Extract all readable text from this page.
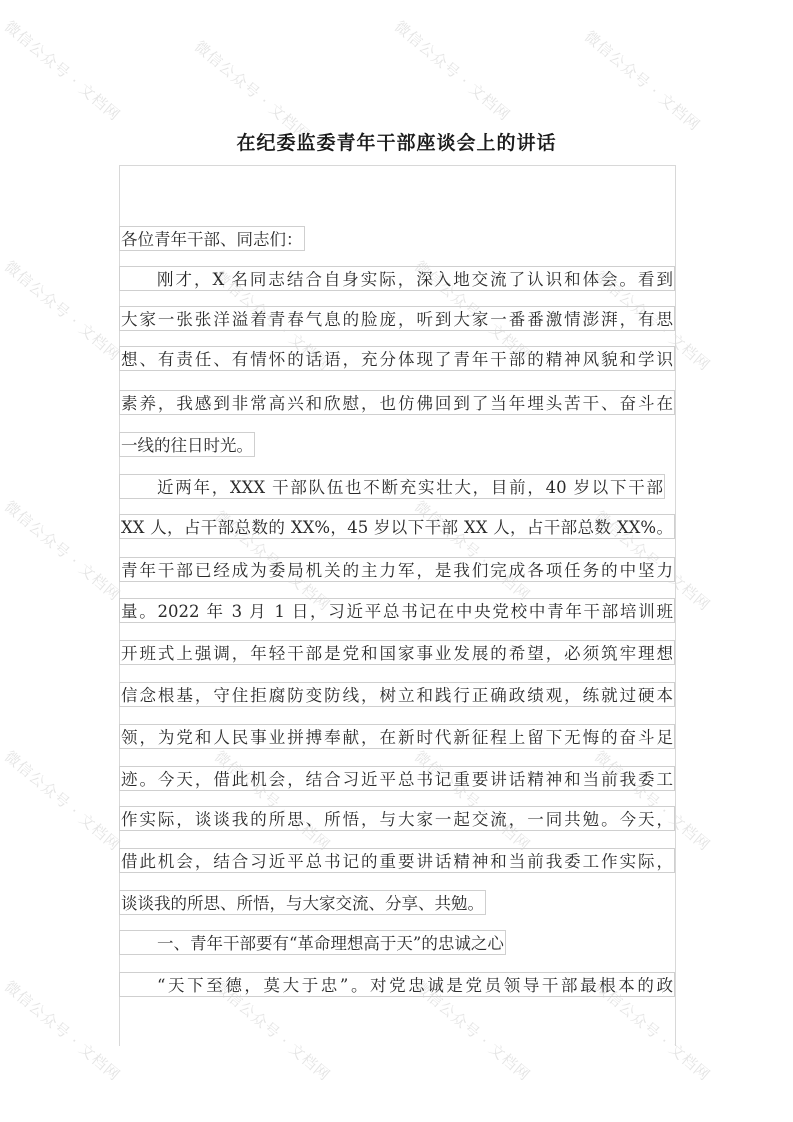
微信公众号 · 文档网	微信公众号 · 文档网	微信公众号 · 文档网	微信公众号 · 文档网
微信公众号 · 文档网	微信公众号 · 文档网	微信公众号 · 文档网	微信公众号 · 文档网
微信公众号 · 文档网	微信公众号 · 文档网	微信公众号 · 文档网	微信公众号 · 文档网
微信公众号 · 文档网	微信公众号 · 文档网	微信公众号 · 文档网	微信公众号 · 文档网
微信公众号 · 文档网	微信公众号 · 文档网	微信公众号 · 文档网	微信公众号 · 文档网
在纪委监委青年干部座谈会上的讲话
各位青年干部、同志们：
刚才，X 名同志结合自身实际，深入地交流了认识和体会。看到
大家一张张洋溢着青春气息的脸庞，听到大家一番番激情澎湃，有思
想、有责任、有情怀的话语，充分体现了青年干部的精神风貌和学识
素养，我感到非常高兴和欣慰，也仿佛回到了当年埋头苦干、奋斗在
一线的往日时光。
近两年，XXX 干部队伍也不断充实壮大，目前，40 岁以下干部
XX 人，占干部总数的 XX%，45 岁以下干部 XX 人，占干部总数 XX%。
青年干部已经成为委局机关的主力军，是我们完成各项任务的中坚力
量。2022 年 3 月 1 日，习近平总书记在中央党校中青年干部培训班
开班式上强调，年轻干部是党和国家事业发展的希望，必须筑牢理想
信念根基，守住拒腐防变防线，树立和践行正确政绩观，练就过硬本
领，为党和人民事业拼搏奉献，在新时代新征程上留下无悔的奋斗足
迹。今天，借此机会，结合习近平总书记重要讲话精神和当前我委工
作实际，谈谈我的所思、所悟，与大家一起交流，一同共勉。今天，
借此机会，结合习近平总书记的重要讲话精神和当前我委工作实际，
谈谈我的所思、所悟，与大家交流、分享、共勉。
一、青年干部要有“革命理想高于天”的忠诚之心
“天下至德，莫大于忠”。对党忠诚是党员领导干部最根本的政
